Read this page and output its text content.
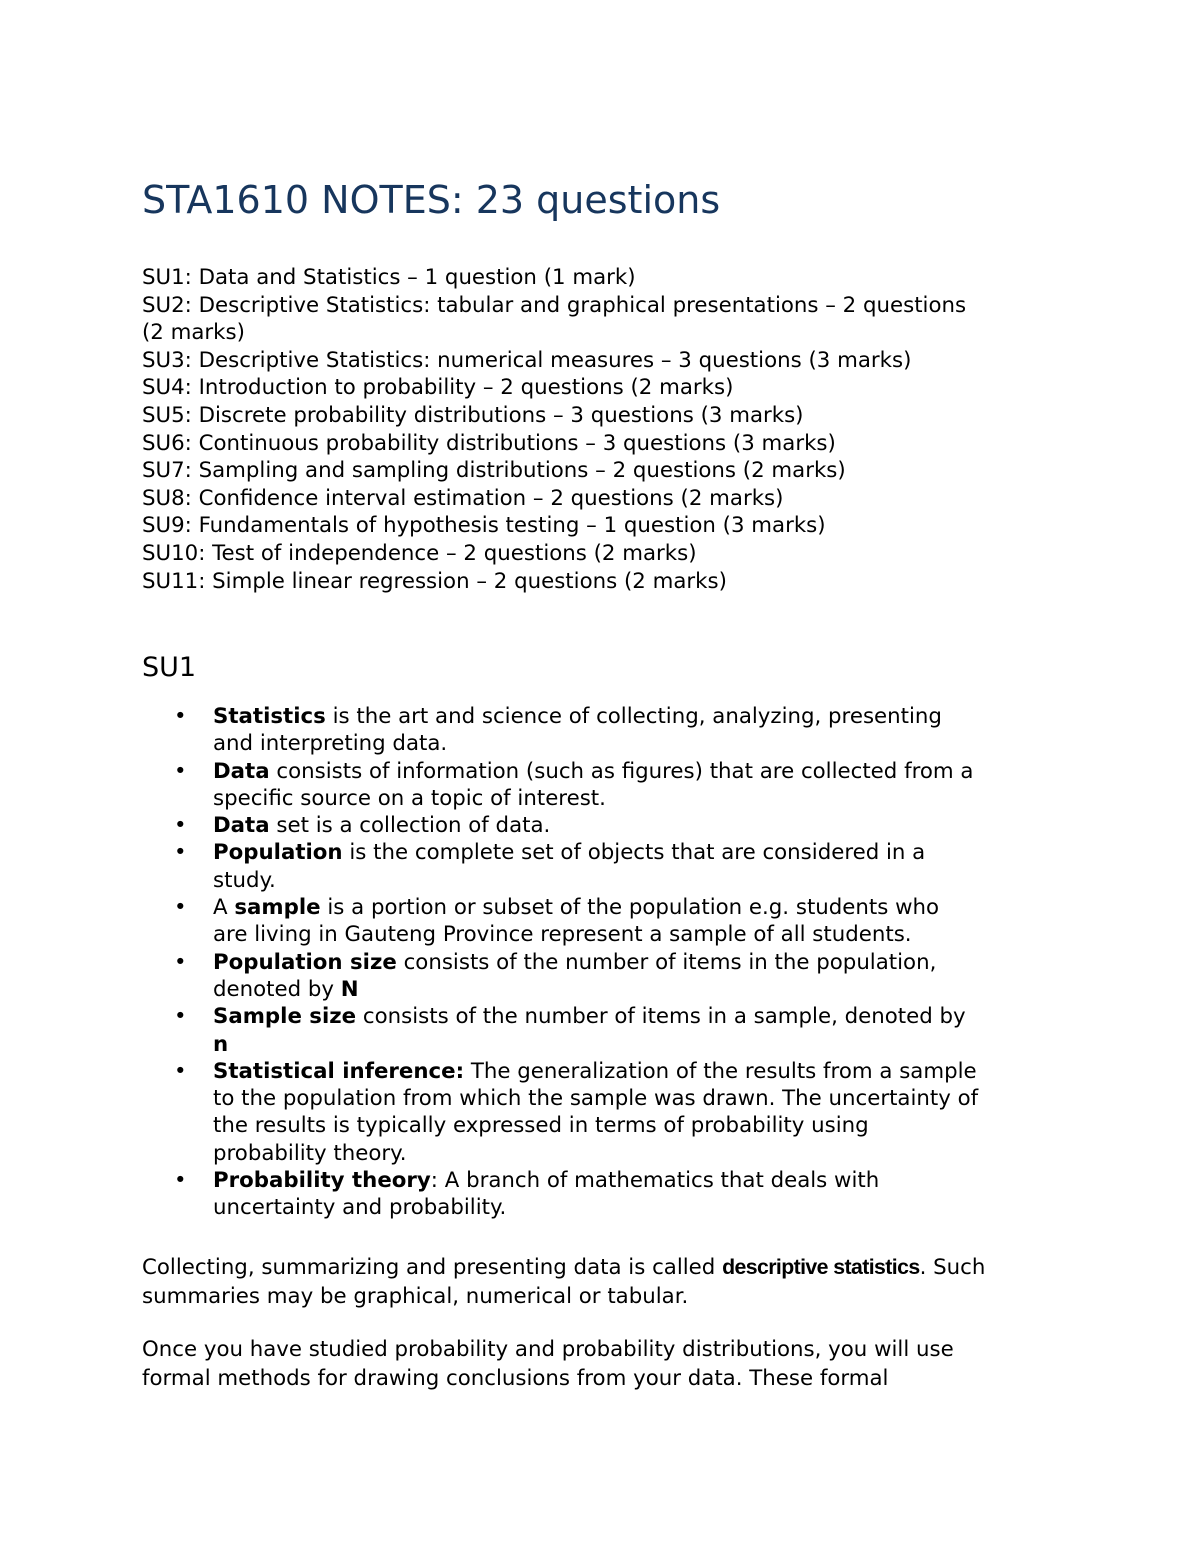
STA1610 NOTES: 23 questions
SU1: Data and Statistics – 1 question (1 mark)
SU2: Descriptive Statistics: tabular and graphical presentations – 2 questions
(2 marks)
SU3: Descriptive Statistics: numerical measures – 3 questions (3 marks)
SU4: Introduction to probability – 2 questions (2 marks)
SU5: Discrete probability distributions – 3 questions (3 marks)
SU6: Continuous probability distributions – 3 questions (3 marks)
SU7: Sampling and sampling distributions – 2 questions (2 marks)
SU8: Confidence interval estimation – 2 questions (2 marks)
SU9: Fundamentals of hypothesis testing – 1 question (3 marks)
SU10: Test of independence – 2 questions (2 marks)
SU11: Simple linear regression – 2 questions (2 marks)
SU1
• Statistics is the art and science of collecting, analyzing, presenting
and interpreting data.
• Data consists of information (such as figures) that are collected from a
specific source on a topic of interest.
• Data set is a collection of data.
• Population is the complete set of objects that are considered in a
study.
• A sample is a portion or subset of the population e.g. students who
are living in Gauteng Province represent a sample of all students.
• Population size consists of the number of items in the population,
denoted by N
• Sample size consists of the number of items in a sample, denoted by
n
• Statistical inference: The generalization of the results from a sample
to the population from which the sample was drawn. The uncertainty of
the results is typically expressed in terms of probability using
probability theory.
• Probability theory: A branch of mathematics that deals with
uncertainty and probability.
Collecting, summarizing and presenting data is called descriptive statistics. Such
summaries may be graphical, numerical or tabular.
Once you have studied probability and probability distributions, you will use
formal methods for drawing conclusions from your data. These formal
